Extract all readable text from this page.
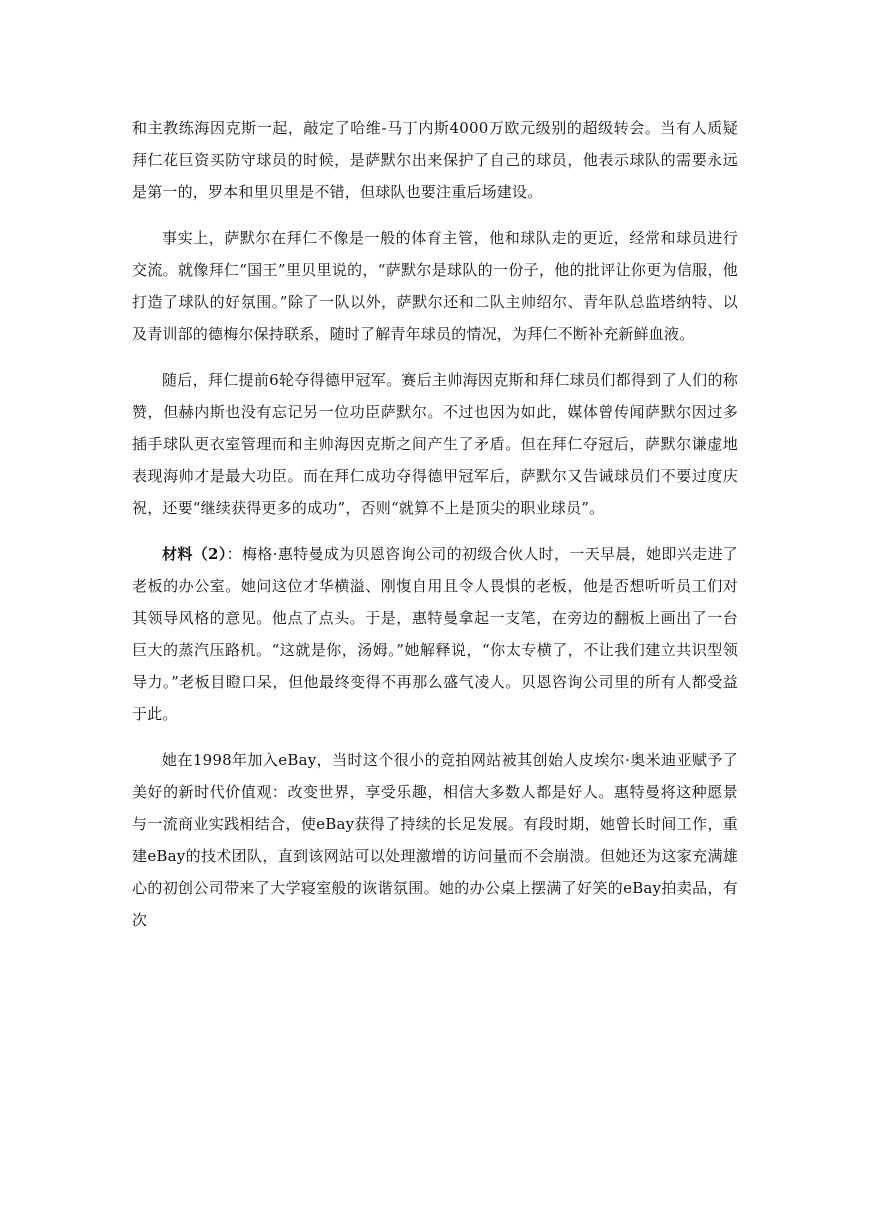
和主教练海因克斯一起，敲定了哈维-马丁内斯4000万欧元级别的超级转会。当有人质疑拜仁花巨资买防守球员的时候，是萨默尔出来保护了自己的球员，他表示球队的需要永远是第一的，罗本和里贝里是不错，但球队也要注重后场建设。

事实上，萨默尔在拜仁不像是一般的体育主管，他和球队走的更近，经常和球员进行交流。就像拜仁“国王”里贝里说的，“萨默尔是球队的一份子，他的批评让你更为信服，他打造了球队的好氛围。”除了一队以外，萨默尔还和二队主帅绍尔、青年队总监塔纳特、以及青训部的德梅尔保持联系，随时了解青年球员的情况，为拜仁不断补充新鲜血液。

随后，拜仁提前6轮夺得德甲冠军。赛后主帅海因克斯和拜仁球员们都得到了人们的称赞，但赫内斯也没有忘记另一位功臣萨默尔。不过也因为如此，媒体曾传闻萨默尔因过多插手球队更衣室管理而和主帅海因克斯之间产生了矛盾。但在拜仁夺冠后，萨默尔谦虚地表现海帅才是最大功臣。而在拜仁成功夺得德甲冠军后，萨默尔又告诫球员们不要过度庆祝，还要“继续获得更多的成功”，否则“就算不上是顶尖的职业球员”。

材料（2）：梅格·惠特曼成为贝恩咨询公司的初级合伙人时，一天早晨，她即兴走进了老板的办公室。她问这位才华横溢、刚愎自用且令人畏惧的老板，他是否想听听员工们对其领导风格的意见。他点了点头。于是，惠特曼拿起一支笔，在旁边的翻板上画出了一台巨大的蒸汽压路机。“这就是你，汤姆。”她解释说，“你太专横了，不让我们建立共识型领导力。”老板目瞪口呆，但他最终变得不再那么盛气凌人。贝恩咨询公司里的所有人都受益于此。

她在1998年加入eBay，当时这个很小的竞拍网站被其创始人皮埃尔·奥米迪亚赋予了美好的新时代价值观：改变世界，享受乐趣，相信大多数人都是好人。惠特曼将这种愿景与一流商业实践相结合，使eBay获得了持续的长足发展。有段时期，她曾长时间工作，重建eBay的技术团队，直到该网站可以处理激增的访问量而不会崩溃。但她还为这家充满雄心的初创公司带来了大学寝室般的诙谐氛围。她的办公桌上摆满了好笑的eBay拍卖品，有次
